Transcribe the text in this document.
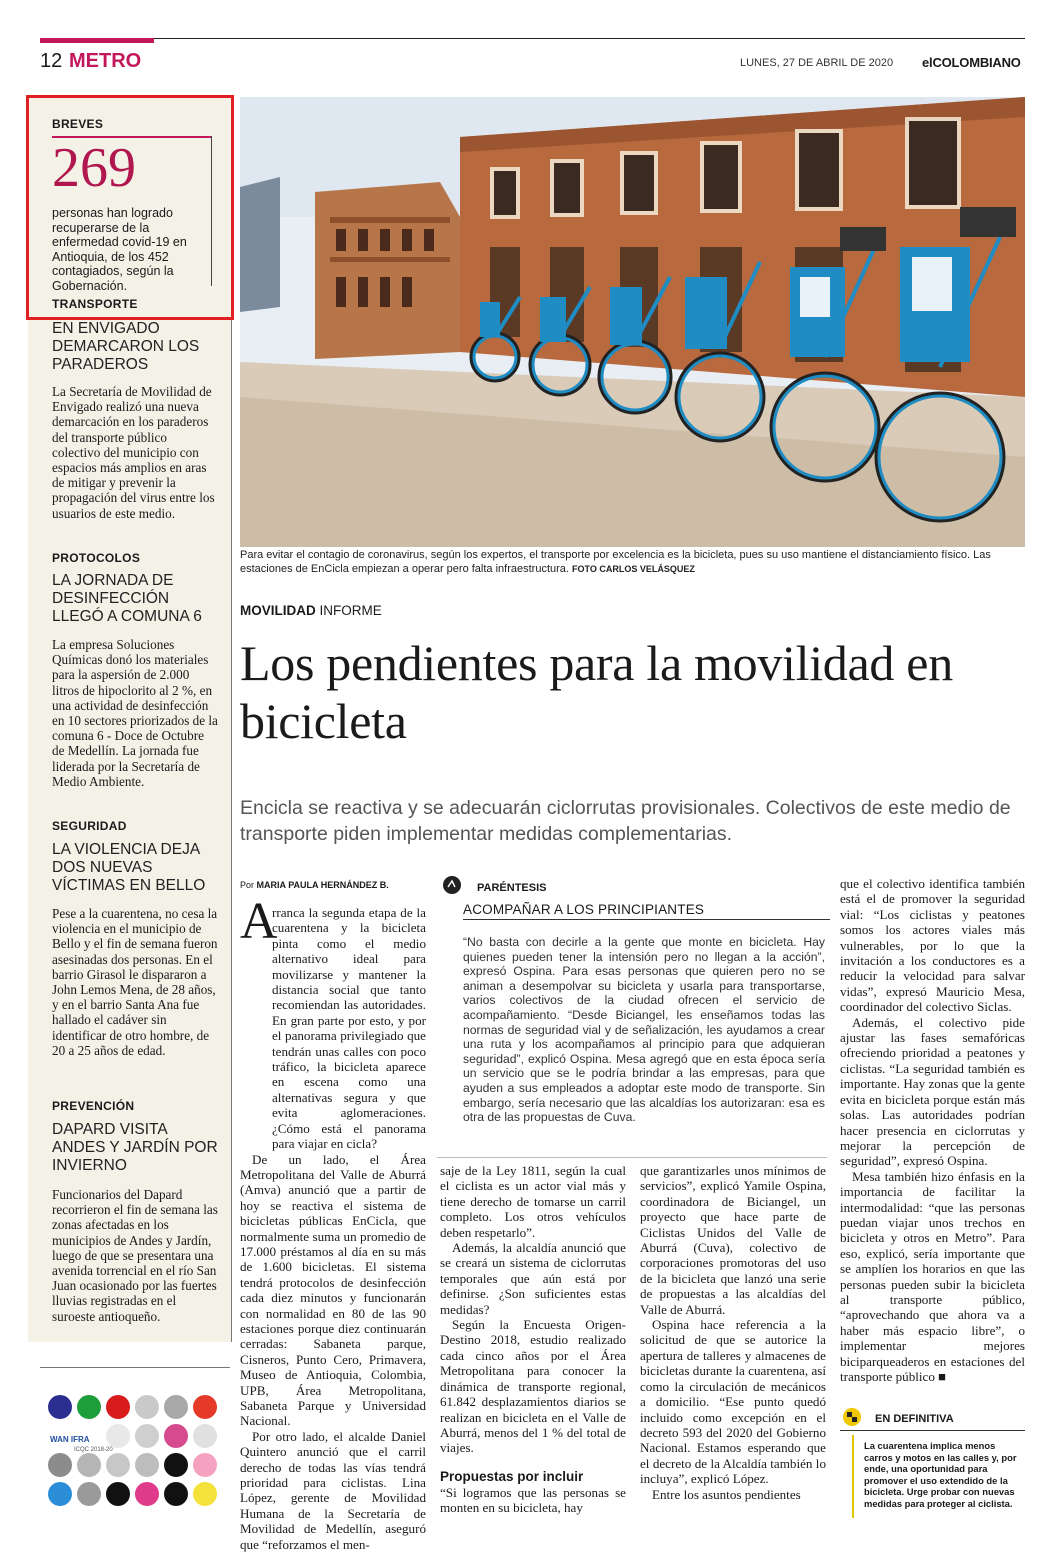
12 METRO	LUNES, 27 DE ABRIL DE 2020 elCOLOMBIANO
BREVES
269
personas han logrado recuperarse de la enfermedad covid-19 en Antioquia, de los 452 contagiados, según la Gobernación.
TRANSPORTE
EN ENVIGADO DEMARCARON LOS PARADEROS
La Secretaría de Movilidad de Envigado realizó una nueva demarcación en los paraderos del transporte público colectivo del municipio con espacios más amplios en aras de mitigar y prevenir la propagación del virus entre los usuarios de este medio.
PROTOCOLOS
LA JORNADA DE DESINFECCIÓN LLEGÓ A COMUNA 6
La empresa Soluciones Químicas donó los materiales para la aspersión de 2.000 litros de hipoclorito al 2 %, en una actividad de desinfección en 10 sectores priorizados de la comuna 6 - Doce de Octubre de Medellín. La jornada fue liderada por la Secretaría de Medio Ambiente.
SEGURIDAD
LA VIOLENCIA DEJA DOS NUEVAS VÍCTIMAS EN BELLO
Pese a la cuarentena, no cesa la violencia en el municipio de Bello y el fin de semana fueron asesinadas dos personas. En el barrio Girasol le dispararon a John Lemos Mena, de 28 años, y en el barrio Santa Ana fue hallado el cadáver sin identificar de otro hombre, de 20 a 25 años de edad.
PREVENCIÓN
DAPARD VISITA ANDES Y JARDÍN POR INVIERNO
Funcionarios del Dapard recorrieron el fin de semana las zonas afectadas en los municipios de Andes y Jardín, luego de que se presentara una avenida torrencial en el río San Juan ocasionado por las fuertes lluvias registradas en el suroeste antioqueño.
WAN IFRA
ICQC 2018-20
Para evitar el contagio de coronavirus, según los expertos, el transporte por excelencia es la bicicleta, pues su uso mantiene el distanciamiento físico. Las estaciones de EnCicla empiezan a operar pero falta infraestructura. FOTO CARLOS VELÁSQUEZ
MOVILIDAD INFORME
Los pendientes para la movilidad en bicicleta
Encicla se reactiva y se adecuarán ciclorrutas provisionales. Colectivos de este medio de transporte piden implementar medidas complementarias.
Por MARIA PAULA HERNÁNDEZ B.
A

rranca la segunda etapa de la cuarentena y la bicicleta pinta como el medio alternativo ideal para movilizarse y mantener la distancia social que tanto recomiendan las autoridades. En gran parte por esto, y por el panorama privilegiado que tendrán unas calles con poco tráfico, la bicicleta aparece en escena como una alternativas segura y que evita aglomeraciones. ¿Cómo está el panorama para viajar en cicla?

De un lado, el Área Metropolitana del Valle de Aburrá (Amva) anunció que a partir de hoy se reactiva el sistema de bicicletas públicas EnCicla, que normalmente suma un promedio de 17.000 préstamos al día en su más de 1.600 bicicletas. El sistema tendrá protocolos de desinfección cada diez minutos y funcionarán con normalidad en 80 de las 90 estaciones porque diez continuarán cerradas: Sabaneta parque, Cisneros, Punto Cero, Primavera, Museo de Antioquia, Colombia, UPB, Área Metropolitana, Sabaneta Parque y Universidad Nacional.

Por otro lado, el alcalde Daniel Quintero anunció que el carril derecho de todas las vías tendrá prioridad para ciclistas. Lina López, gerente de Movilidad Humana de la Secretaría de Movilidad de Medellín, aseguró que “reforzamos el men-

PARÉNTESIS
ACOMPAÑAR A LOS PRINCIPIANTES
“No basta con decirle a la gente que monte en bicicleta. Hay quienes pueden tener la intensión pero no llegan a la acción”, expresó Ospina. Para esas personas que quieren pero no se animan a desempolvar su bicicleta y usarla para transportarse, varios colectivos de la ciudad ofrecen el servicio de acompañamiento. “Desde Biciangel, les enseñamos todas las normas de seguridad vial y de señalización, les ayudamos a crear una ruta y los acompañamos al principio para que adquieran seguridad”, explicó Ospina. Mesa agregó que en esta época sería un servicio que se le podría brindar a las empresas, para que ayuden a sus empleados a adoptar este modo de transporte. Sin embargo, sería necesario que las alcaldías los autorizaran: esa es otra de las propuestas de Cuva.

saje de la Ley 1811, según la cual el ciclista es un actor vial más y tiene derecho de tomarse un carril completo. Los otros vehículos deben respetarlo”.

Además, la alcaldía anunció que se creará un sistema de ciclorrutas temporales que aún está por definirse. ¿Son suficientes estas medidas?

Según la Encuesta Origen-Destino 2018, estudio realizado cada cinco años por el Área Metropolitana para conocer la dinámica de transporte regional, 61.842 desplazamientos diarios se realizan en bicicleta en el Valle de Aburrá, menos del 1 % del total de viajes.

Propuestas por incluir

“Si logramos que las personas se monten en su bicicleta, hay

que garantizarles unos mínimos de servicios”, explicó Yamile Ospina, coordinadora de Biciangel, un proyecto que hace parte de Ciclistas Unidos del Valle de Aburrá (Cuva), colectivo de corporaciones promotoras del uso de la bicicleta que lanzó una serie de propuestas a las alcaldías del Valle de Aburrá.

Ospina hace referencia a la solicitud de que se autorice la apertura de talleres y almacenes de bicicletas durante la cuarentena, así como la circulación de mecánicos a domicilio. “Ese punto quedó incluido como excepción en el decreto 593 del 2020 del Gobierno Nacional. Estamos esperando que el decreto de la Alcaldía también lo incluya”, explicó López.

Entre los asuntos pendientes

que el colectivo identifica también está el de promover la seguridad vial: “Los ciclistas y peatones somos los actores viales más vulnerables, por lo que la invitación a los conductores es a reducir la velocidad para salvar vidas”, expresó Mauricio Mesa, coordinador del colectivo Siclas.

Además, el colectivo pide ajustar las fases semafóricas ofreciendo prioridad a peatones y ciclistas. “La seguridad también es importante. Hay zonas que la gente evita en bicicleta porque están más solas. Las autoridades podrían hacer presencia en ciclorrutas y mejorar la percepción de seguridad”, expresó Ospina.

Mesa también hizo énfasis en la importancia de facilitar la intermodalidad: “que las personas puedan viajar unos trechos en bicicleta y otros en Metro”. Para eso, explicó, sería importante que se amplíen los horarios en que las personas pueden subir la bicicleta al transporte público, “aprovechando que ahora va a haber más espacio libre”, o implementar mejores biciparqueaderos en estaciones del transporte público ■

EN DEFINITIVA
La cuarentena implica menos carros y motos en las calles y, por ende, una oportunidad para promover el uso extendido de la bicicleta. Urge probar con nuevas medidas para proteger al ciclista.
